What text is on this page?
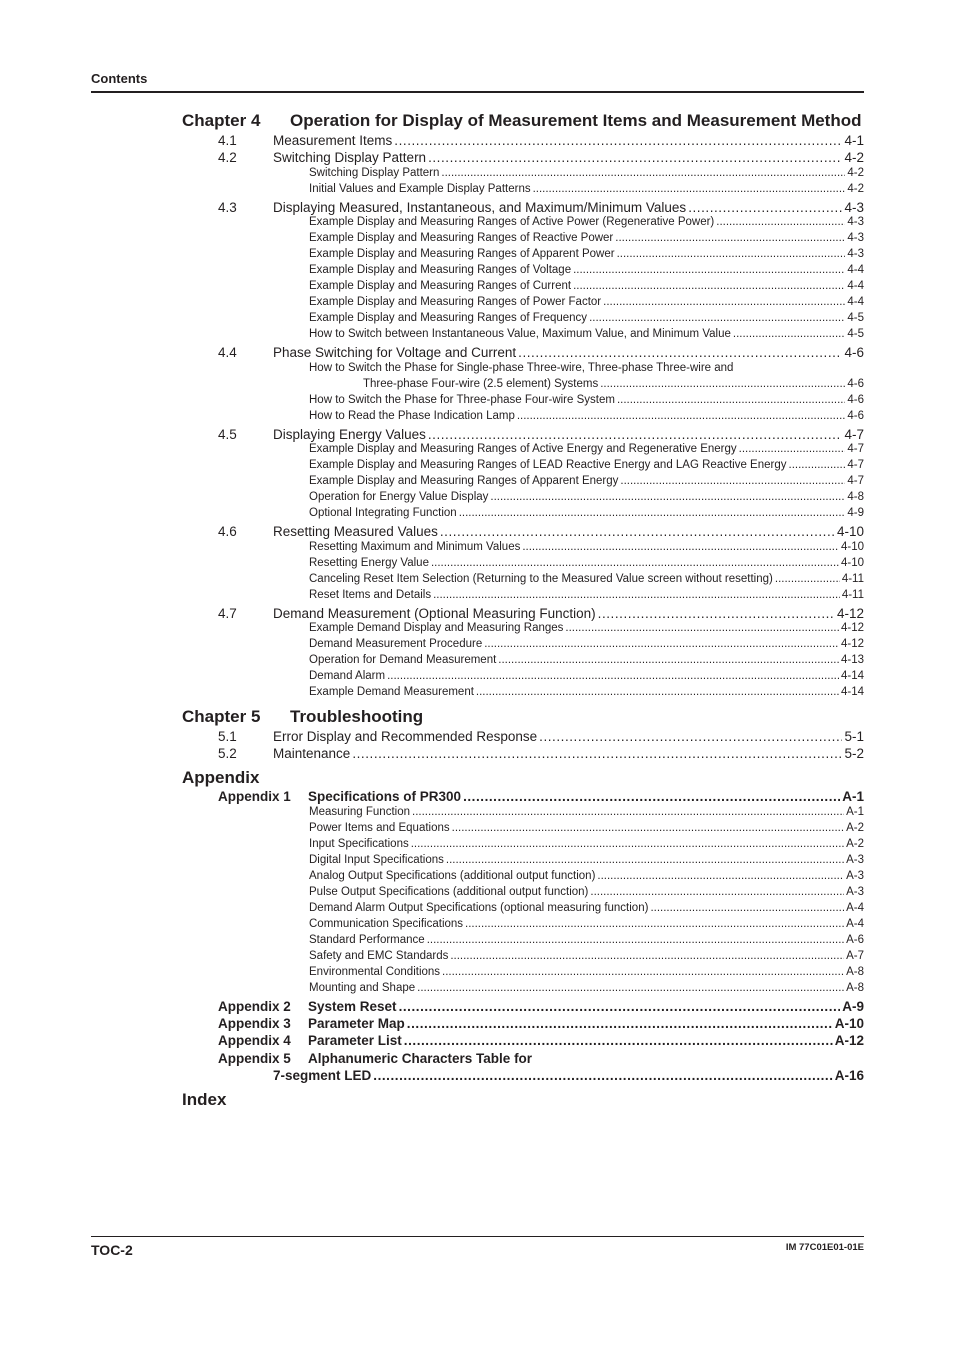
Contents
Chapter 4 Operation for Display of Measurement Items and Measurement Method
4.1	Measurement Items . . .	4-1
4.2	Switching Display Pattern . . .	4-2
Switching Display Pattern . . .	4-2
Initial Values and Example Display Patterns . . .	4-2
4.3	Displaying Measured, Instantaneous, and Maximum/Minimum Values . . .	4-3
Example Display and Measuring Ranges of Active Power (Regenerative Power) . . .	4-3
Example Display and Measuring Ranges of Reactive Power . . .	4-3
Example Display and Measuring Ranges of Apparent Power . . .	4-3
Example Display and Measuring Ranges of Voltage . . .	4-4
Example Display and Measuring Ranges of Current . . .	4-4
Example Display and Measuring Ranges of Power Factor . . .	4-4
Example Display and Measuring Ranges of Frequency . . .	4-5
How to Switch between Instantaneous Value, Maximum Value, and Minimum Value . . .	4-5
4.4	Phase Switching for Voltage and Current . . .	4-6
How to Switch the Phase for Single-phase Three-wire, Three-phase Three-wire and
Three-phase Four-wire (2.5 element) Systems . . .	4-6
How to Switch the Phase for Three-phase Four-wire System . . .	4-6
How to Read the Phase Indication Lamp . . .	4-6
4.5	Displaying Energy Values . . .	4-7
Example Display and Measuring Ranges of Active Energy and Regenerative Energy . . .	4-7
Example Display and Measuring Ranges of LEAD Reactive Energy and LAG Reactive Energy . . .	4-7
Example Display and Measuring Ranges of Apparent Energy . . .	4-7
Operation for Energy Value Display . . .	4-8
Optional Integrating Function . . .	4-9
4.6	Resetting Measured Values . . .	4-10
Resetting Maximum and Minimum Values . . .	4-10
Resetting Energy Value . . .	4-10
Canceling Reset Item Selection (Returning to the Measured Value screen without resetting) . . .	4-11
Reset Items and Details . . .	4-11
4.7	Demand Measurement (Optional Measuring Function) . . .	4-12
Example Demand Display and Measuring Ranges . . .	4-12
Demand Measurement Procedure . . .	4-12
Operation for Demand Measurement . . .	4-13
Demand Alarm . . .	4-14
Example Demand Measurement . . .	4-14
Chapter 5 Troubleshooting
5.1	Error Display and Recommended Response . . .	5-1
5.2	Maintenance . . .	5-2
Appendix
Appendix 1 Specifications of PR300 . . .	A-1
Measuring Function . . .	A-1
Power Items and Equations . . .	A-2
Input Specifications . . .	A-2
Digital Input Specifications . . .	A-3
Analog Output Specifications (additional output function) . . .	A-3
Pulse Output Specifications (additional output function) . . .	A-3
Demand Alarm Output Specifications (optional measuring function) . . .	A-4
Communication Specifications . . .	A-4
Standard Performance . . .	A-6
Safety and EMC Standards . . .	A-7
Environmental Conditions . . .	A-8
Mounting and Shape . . .	A-8
Appendix 2 System Reset . . .	A-9
Appendix 3 Parameter Map . . .	A-10
Appendix 4 Parameter List . . .	A-12
Appendix 5 Alphanumeric Characters Table for
7-segment LED . . .	A-16
Index
TOC-2	IM 77C01E01-01E
